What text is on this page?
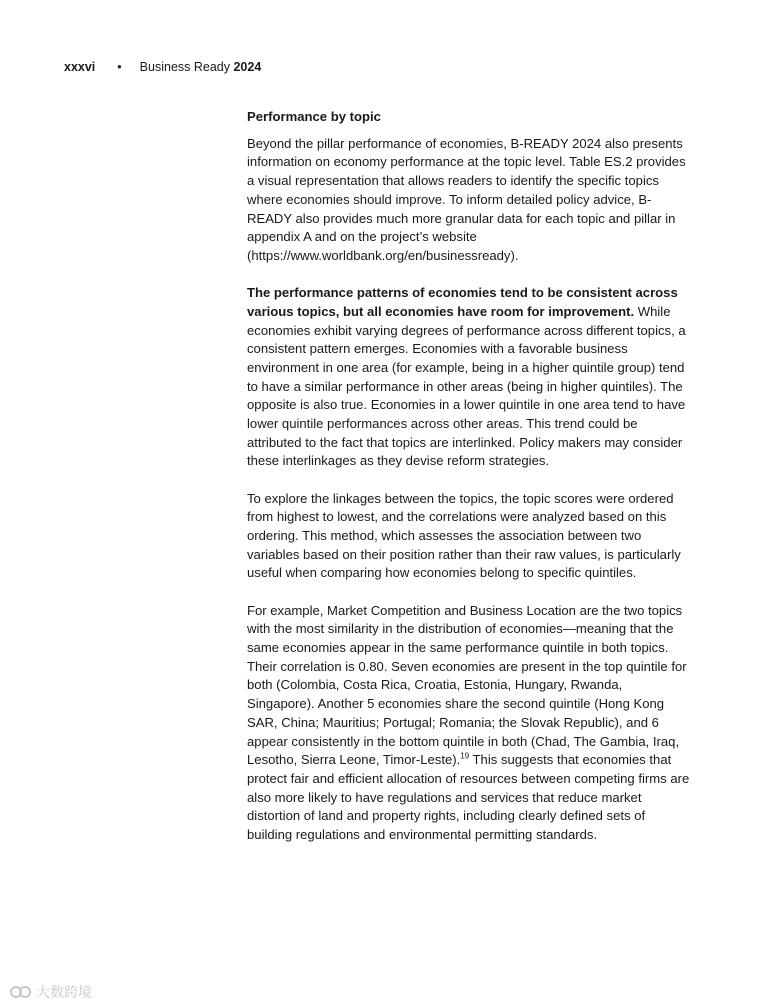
xxxvi • Business Ready 2024
Performance by topic

Beyond the pillar performance of economies, B-READY 2024 also presents information on economy performance at the topic level. Table ES.2 provides a visual representation that allows readers to identify the specific topics where economies should improve. To inform detailed policy advice, B-READY also provides much more granular data for each topic and pillar in appendix A and on the project’s website (https://www.worldbank.org/en/businessready).

The performance patterns of economies tend to be consistent across various topics, but all economies have room for improvement. While economies exhibit varying degrees of performance across different topics, a consistent pattern emerges. Economies with a favorable business environment in one area (for example, being in a higher quintile group) tend to have a similar performance in other areas (being in higher quintiles). The opposite is also true. Economies in a lower quintile in one area tend to have lower quintile performances across other areas. This trend could be attributed to the fact that topics are interlinked. Policy makers may consider these interlinkages as they devise reform strategies.

To explore the linkages between the topics, the topic scores were ordered from highest to lowest, and the correlations were analyzed based on this ordering. This method, which assesses the association between two variables based on their position rather than their raw values, is particularly useful when comparing how economies belong to specific quintiles.

For example, Market Competition and Business Location are the two topics with the most similarity in the distribution of economies—meaning that the same economies appear in the same performance quintile in both topics. Their correlation is 0.80. Seven economies are present in the top quintile for both (Colombia, Costa Rica, Croatia, Estonia, Hungary, Rwanda, Singapore). Another 5 economies share the second quintile (Hong Kong SAR, China; Mauritius; Portugal; Romania; the Slovak Republic), and 6 appear consistently in the bottom quintile in both (Chad, The Gambia, Iraq, Lesotho, Sierra Leone, Timor-Leste).$^{19}$ This suggests that economies that protect fair and efficient allocation of resources between competing firms are also more likely to have regulations and services that reduce market distortion of land and property rights, including clearly defined sets of building regulations and environmental permitting standards.

大数跨境
